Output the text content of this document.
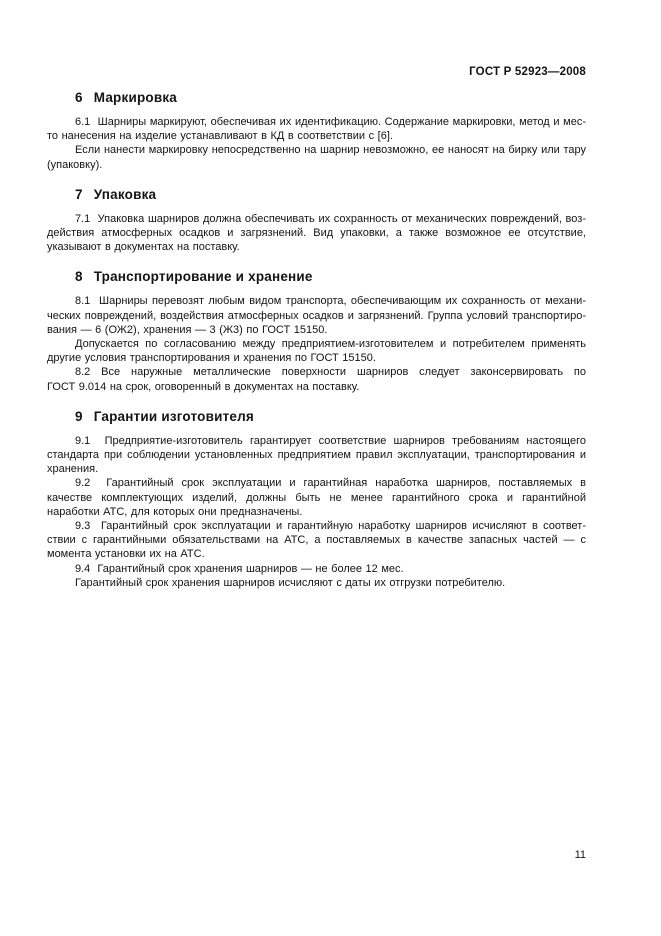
ГОСТ Р 52923—2008
6 Маркировка

6.1  Шарниры маркируют, обеспечивая их идентификацию. Содержание маркировки, метод и место нанесения на изделие устанавливают в КД в соответствии с [6].

Если нанести маркировку непосредственно на шарнир невозможно, ее наносят на бирку или тару (упаковку).

7 Упаковка

7.1  Упаковка шарниров должна обеспечивать их сохранность от механических повреждений, воздействия атмосферных осадков и загрязнений. Вид упаковки, а также возможное ее отсутствие, указывают в документах на поставку.

8 Транспортирование и хранение

8.1  Шарниры перевозят любым видом транспорта, обеспечивающим их сохранность от механических повреждений, воздействия атмосферных осадков и загрязнений. Группа условий транспортирования — 6 (ОЖ2), хранения — 3 (Ж3) по ГОСТ 15150.

Допускается по согласованию между предприятием-изготовителем и потребителем применять другие условия транспортирования и хранения по ГОСТ 15150.

8.2 Все наружные металлические поверхности шарниров следует законсервировать по ГОСТ 9.014 на срок, оговоренный в документах на поставку.

9 Гарантии изготовителя

9.1  Предприятие-изготовитель гарантирует соответствие шарниров требованиям настоящего стандарта при соблюдении установленных предприятием правил эксплуатации, транспортирования и хранения.

9.2  Гарантийный срок эксплуатации и гарантийная наработка шарниров, поставляемых в качестве комплектующих изделий, должны быть не менее гарантийного срока и гарантийной наработки АТС, для которых они предназначены.

9.3  Гарантийный срок эксплуатации и гарантийную наработку шарниров исчисляют в соответствии с гарантийными обязательствами на АТС, а поставляемых в качестве запасных частей — с момента установки их на АТС.

9.4  Гарантийный срок хранения шарниров — не более 12 мес.

Гарантийный срок хранения шарниров исчисляют с даты их отгрузки потребителю.

11
